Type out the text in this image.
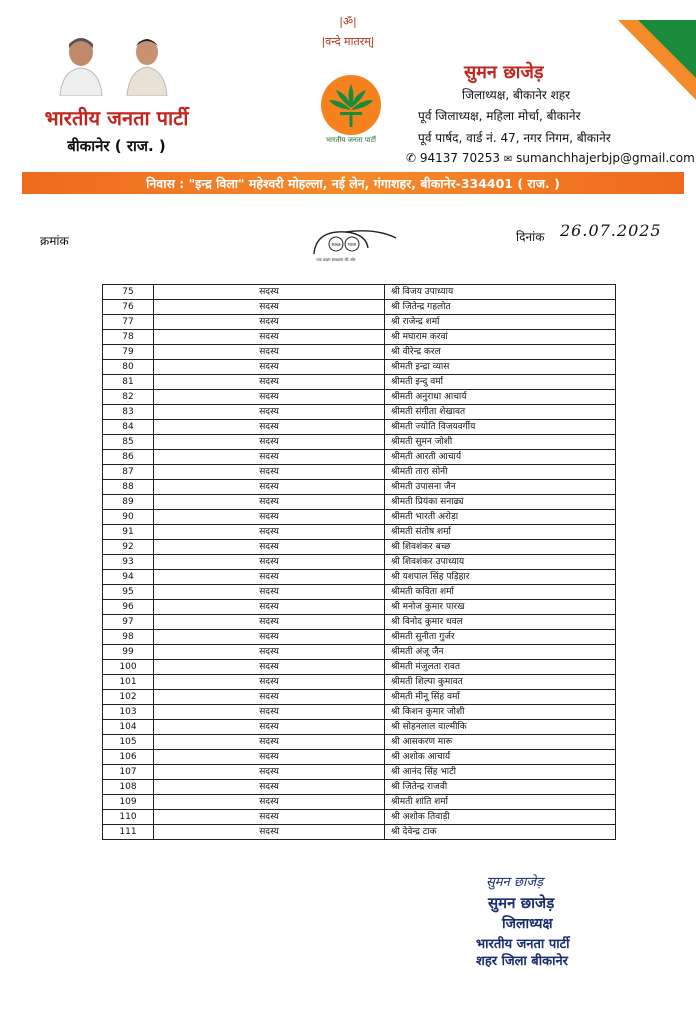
|ॐ|
|वन्दे मातरम्|
भारतीय जनता पार्टी
बीकानेर ( राज. )	भारतीय जनता पार्टी
सुमन छाजेड़
जिलाध्यक्ष, बीकानेर शहर
पूर्व जिलाध्यक्ष, महिला मोर्चा, बीकानेर
पूर्व पार्षद, वार्ड नं. 47, नगर निगम, बीकानेर
✆ 94137 70253 ✉ sumanchhajerbjp@gmail.com
निवास : "इन्द्र विला" महेश्वरी मोहल्ला, नई लेन, गंगाशहर, बीकानेर-334401 ( राज. )
क्रमांक	स्वच्छ भारत
एक कदम स्वच्छता की ओर
दिनांक 26.07.2025
75	सदस्य	श्री विजय उपाध्याय
76	सदस्य	श्री जितेन्द्र गहलोत
77	सदस्य	श्री राजेन्द्र शर्मा
78	सदस्य	श्री मघाराम करवां
79	सदस्य	श्री वीरेन्द्र करल
80	सदस्य	श्रीमती इन्द्रा व्यास
81	सदस्य	श्रीमती इन्दु वर्मा
82	सदस्य	श्रीमती अनुराधा आचार्य
83	सदस्य	श्रीमती संगीता शेखावत
84	सदस्य	श्रीमती ज्योति विजयवर्गीय
85	सदस्य	श्रीमती सुमन जोशी
86	सदस्य	श्रीमती आरती आचार्य
87	सदस्य	श्रीमती तारा सोनी
88	सदस्य	श्रीमती उपासना जैन
89	सदस्य	श्रीमती प्रियंका सनाढ्य
90	सदस्य	श्रीमती भारती अरोड़ा
91	सदस्य	श्रीमती संतोष शर्मा
92	सदस्य	श्री शिवशंकर बच्छ
93	सदस्य	श्री शिवशंकर उपाध्याय
94	सदस्य	श्री यशपाल सिंह पड़िहार
95	सदस्य	श्रीमती कविता शर्मा
96	सदस्य	श्री मनोज कुमार पारख
97	सदस्य	श्री विनोद कुमार धवल
98	सदस्य	श्रीमती सुनीता गुर्जर
99	सदस्य	श्रीमती अंजू जैन
100	सदस्य	श्रीमती मंजुलता रावत
101	सदस्य	श्रीमती शिल्पा कुमावत
102	सदस्य	श्रीमती मीनू सिंह वर्मा
103	सदस्य	श्री किशन कुमार जोशी
104	सदस्य	श्री सोहनलाल वाल्मीकि
105	सदस्य	श्री आसकरण मारू
106	सदस्य	श्री अशोक आचार्य
107	सदस्य	श्री आनंद सिंह भाटी
108	सदस्य	श्री जितेन्द्र राजवी
109	सदस्य	श्रीमती शांति शर्मा
110	सदस्य	श्री अशोक तिवाड़ी
111	सदस्य	श्री देवेन्द्र टाक
सुमन छाजेड़
सुमन छाजेड़
जिलाध्यक्ष
भारतीय जनता पार्टी
शहर जिला बीकानेर
